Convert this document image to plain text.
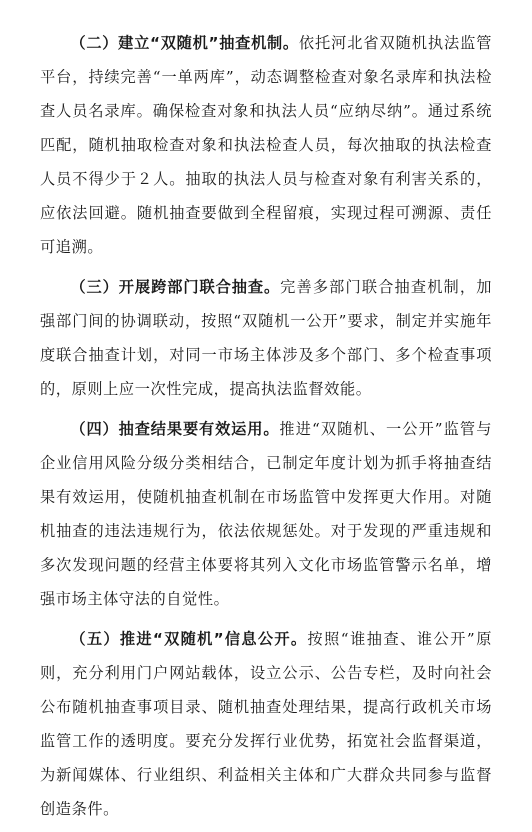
（二）建立“双随机”抽查机制。依托河北省双随机执法监管平台，持续完善“一单两库”，动态调整检查对象名录库和执法检查人员名录库。确保检查对象和执法人员“应纳尽纳”。通过系统匹配，随机抽取检查对象和执法检查人员，每次抽取的执法检查人员不得少于２人。抽取的执法人员与检查对象有利害关系的，应依法回避。随机抽查要做到全程留痕，实现过程可溯源、责任可追溯。

（三）开展跨部门联合抽查。完善多部门联合抽查机制，加强部门间的协调联动，按照“双随机一公开”要求，制定并实施年度联合抽查计划，对同一市场主体涉及多个部门、多个检查事项的，原则上应一次性完成，提高执法监督效能。

（四）抽查结果要有效运用。推进“双随机、一公开”监管与企业信用风险分级分类相结合，已制定年度计划为抓手将抽查结果有效运用，使随机抽查机制在市场监管中发挥更大作用。对随机抽查的违法违规行为，依法依规惩处。对于发现的严重违规和多次发现问题的经营主体要将其列入文化市场监管警示名单，增强市场主体守法的自觉性。

（五）推进“双随机”信息公开。按照“谁抽查、谁公开”原则，充分利用门户网站载体，设立公示、公告专栏，及时向社会公布随机抽查事项目录、随机抽查处理结果，提高行政机关市场监管工作的透明度。要充分发挥行业优势，拓宽社会监督渠道，为新闻媒体、行业组织、利益相关主体和广大群众共同参与监督创造条件。
